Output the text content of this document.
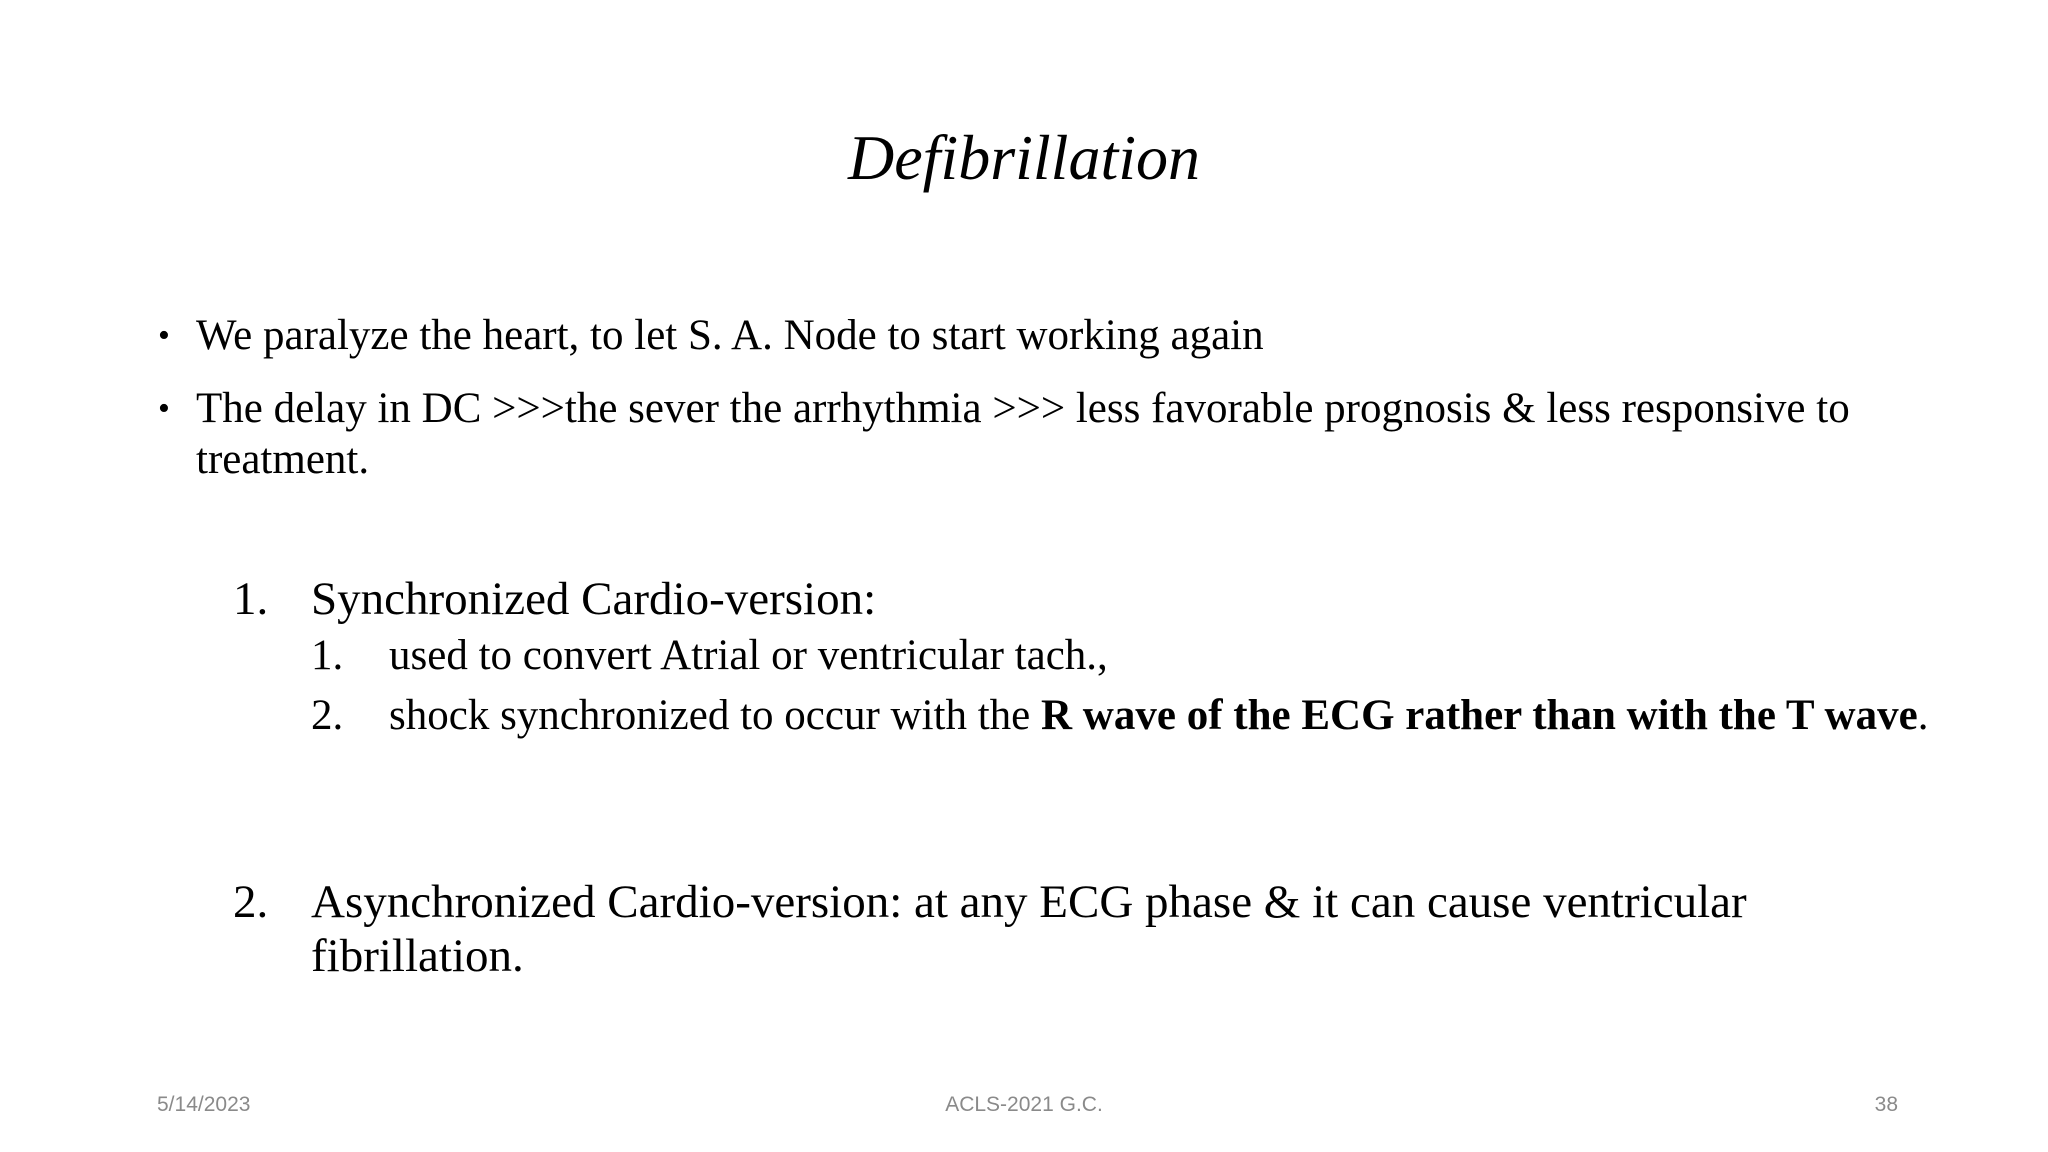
Defibrillation
• We paralyze the heart, to let S. A. Node to start working again
• The delay in DC >>>the sever the arrhythmia >>> less favorable prognosis & less responsive to treatment.
1. Synchronized Cardio-version:
1. used to convert Atrial or ventricular tach.,
2. shock synchronized to occur with the R wave of the ECG rather than with the T wave.
2. Asynchronized Cardio-version: at any ECG phase & it can cause ventricular fibrillation.
5/14/2023	ACLS-2021 G.C.	38
